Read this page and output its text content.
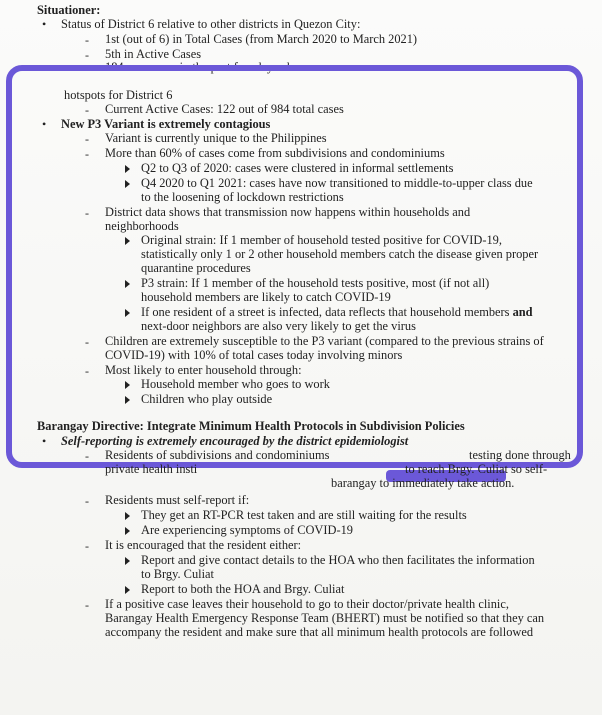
Situationer:
• Status of District 6 relative to other districts in Quezon City:
- 1st (out of 6) in Total Cases (from March 2020 to March 2021)
- 5th in Active Cases
184 new cases in the past few days alone
hotspots for District 6
- Current Active Cases: 122 out of 984 total cases
• New P3 Variant is extremely contagious
- Variant is currently unique to the Philippines
- More than 60% of cases come from subdivisions and condominiums
Q2 to Q3 of 2020: cases were clustered in informal settlements
Q4 2020 to Q1 2021: cases have now transitioned to middle-to-upper class due
to the loosening of lockdown restrictions
- District data shows that transmission now happens within households and
neighborhoods
Original strain: If 1 member of household tested positive for COVID-19,
statistically only 1 or 2 other household members catch the disease given proper
quarantine procedures
P3 strain: If 1 member of the household tests positive, most (if not all)
household members are likely to catch COVID-19
If one resident of a street is infected, data reflects that household members and
next-door neighbors are also very likely to get the virus
- Children are extremely susceptible to the P3 variant (compared to the previous strains of
COVID-19) with 10% of total cases today involving minors
- Most likely to enter household through:
Household member who goes to work
Children who play outside
Barangay Directive: Integrate Minimum Health Protocols in Subdivision Policies
• Self-reporting is extremely encouraged by the district epidemiologist
- Residents of subdivisions and condominiums	testing done through
private health insti	to reach Brgy. Culiat so self-
barangay to immediately take action.
- Residents must self-report if:
They get an RT-PCR test taken and are still waiting for the results
Are experiencing symptoms of COVID-19
- It is encouraged that the resident either:
Report and give contact details to the HOA who then facilitates the information
to Brgy. Culiat
Report to both the HOA and Brgy. Culiat
- If a positive case leaves their household to go to their doctor/private health clinic,
Barangay Health Emergency Response Team (BHERT) must be notified so that they can
accompany the resident and make sure that all minimum health protocols are followed
